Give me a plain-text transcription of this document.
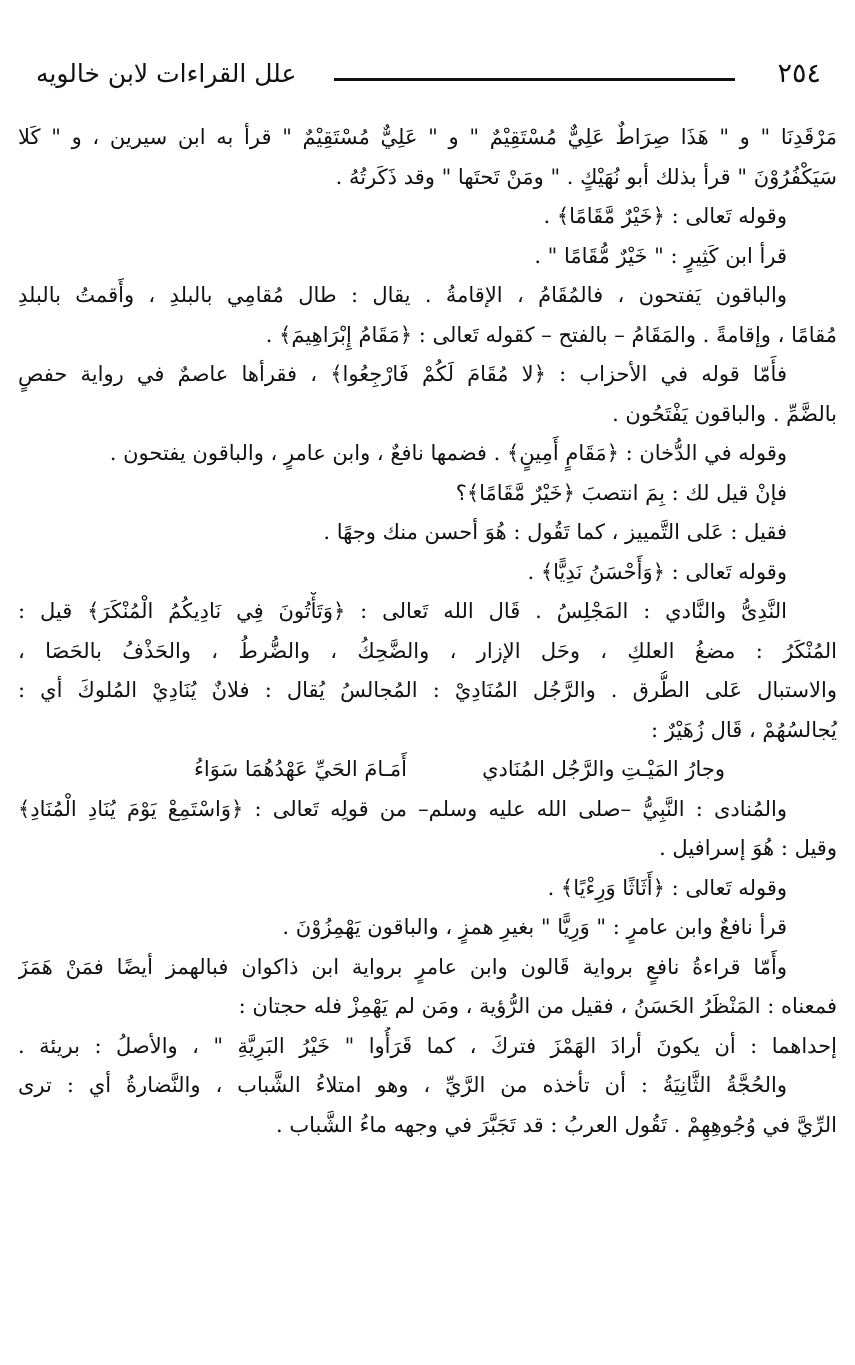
٢٥٤
علل القراءات لابن خالويه
مَرْقَدِنَا " و " هَذَا صِرَاطٌ عَلِيٌّ مُسْتَقِيْمٌ " و " عَلِيٌّ مُسْتَقِيْمٌ " قرأ به ابن سيرين ، و " كَلا
سَيَكْفُرُوْنَ " قرأ بذلك أبو نُهَيْكٍ . " ومَنْ تَحتَها " وقد ذَكَرتُهُ .
وقوله تَعالى : ﴿خَيْرٌ مَّقَامًا﴾ .
قرأ ابن كَثِيرٍ : " خَيْرٌ مُّقَامًا " .
والباقون يَفتحون ، فالمُقَامُ ، الإقامةُ . يقال : طال مُقامِي بالبلدِ ، وأَقمتُ بالبلدِ
مُقامًا ، وإقامةً . والمَقَامُ – بالفتح – كقوله تَعالى : ﴿مَقَامُ إِبْرَاهِيمَ﴾ .
فأَمّا قوله في الأحزاب : ﴿لا مُقَامَ لَكُمْ فَارْجِعُوا﴾ ، فقرأها عاصمٌ في رواية حفصٍ
بالضَّمِّ . والباقون يَفْتَحُون .
وقوله في الدُّخان : ﴿مَقَامٍ أَمِينٍ﴾ . فضمها نافعٌ ، وابن عامرٍ ، والباقون يفتحون .
فإنْ قيل لك : بِمَ انتصبَ ﴿خَيْرٌ مَّقَامًا﴾؟
فقيل : عَلى التَّمييز ، كما تَقُول : هُوَ أحسن منك وجهًا .
وقوله تَعالى : ﴿وَأَحْسَنُ نَدِيًّا﴾ .
النَّدِىُّ والنَّادي : المَجْلِسُ . قَال الله تَعالى : ﴿وَتَأْتُونَ فِي نَادِيكُمُ الْمُنْكَرَ﴾ قيل :
المُنْكَرُ : مضغُ العلكِ ، وحَل الإزار ، والضَّحِكُ ، والضُّرطُ ، والحَذْفُ بالحَصَا ،
والاستبال عَلى الطُّرق . والرَّجُل المُنَادِيْ : المُجالسُ يُقال : فلانٌ يُنَادِيْ المُلوكَ أي :
يُجالسُهُمْ ، قَال زُهَيْرٌ :
وجارُ المَيْـتِ والرَّجُل المُنَادي
أَمَـامَ الحَيِّ عَهْدُهُمَا سَوَاءُ
والمُنادى : النَّبِيُّ –صلى الله عليه وسلم– من قولِه تَعالى : ﴿وَاسْتَمِعْ يَوْمَ يُنَادِ الْمُنَادِ﴾
وقيل : هُوَ إسرافيل .
وقوله تَعالى : ﴿أَثَاثًا وَرِءْيًا﴾ .
قرأ نافعٌ وابن عامرٍ : " وَرِيًّا " بغيرِ همزٍ ، والباقون يَهْمِزُوْنَ .
وأَمّا قراءةُ نافعٍ برواية قَالون وابن عامرٍ برواية ابن ذاكوان فبالهمز أيضًا فمَنْ هَمَزَ
فمعناه : المَنْظَرُ الحَسَنُ ، فقيل من الرُّؤية ، ومَن لم يَهْمِزْ فله حجتان :
إحداهما : أن يكونَ أرادَ الهَمْزَ فتركَ ، كما قَرَأُوا " خَيْرُ البَرِيَّةِ " ، والأصلُ : بريئة .
والحُجَّةُ الثَّانِيَةُ : أن تأخذه من الرَّيِّ ، وهو امتلاءُ الشَّباب ، والنَّضارةُ أي : ترى
الرِّيَّ في وُجُوهِهِمْ . تَقُول العربُ : قد تَجَبَّرَ في وجهه ماءُ الشَّباب .
